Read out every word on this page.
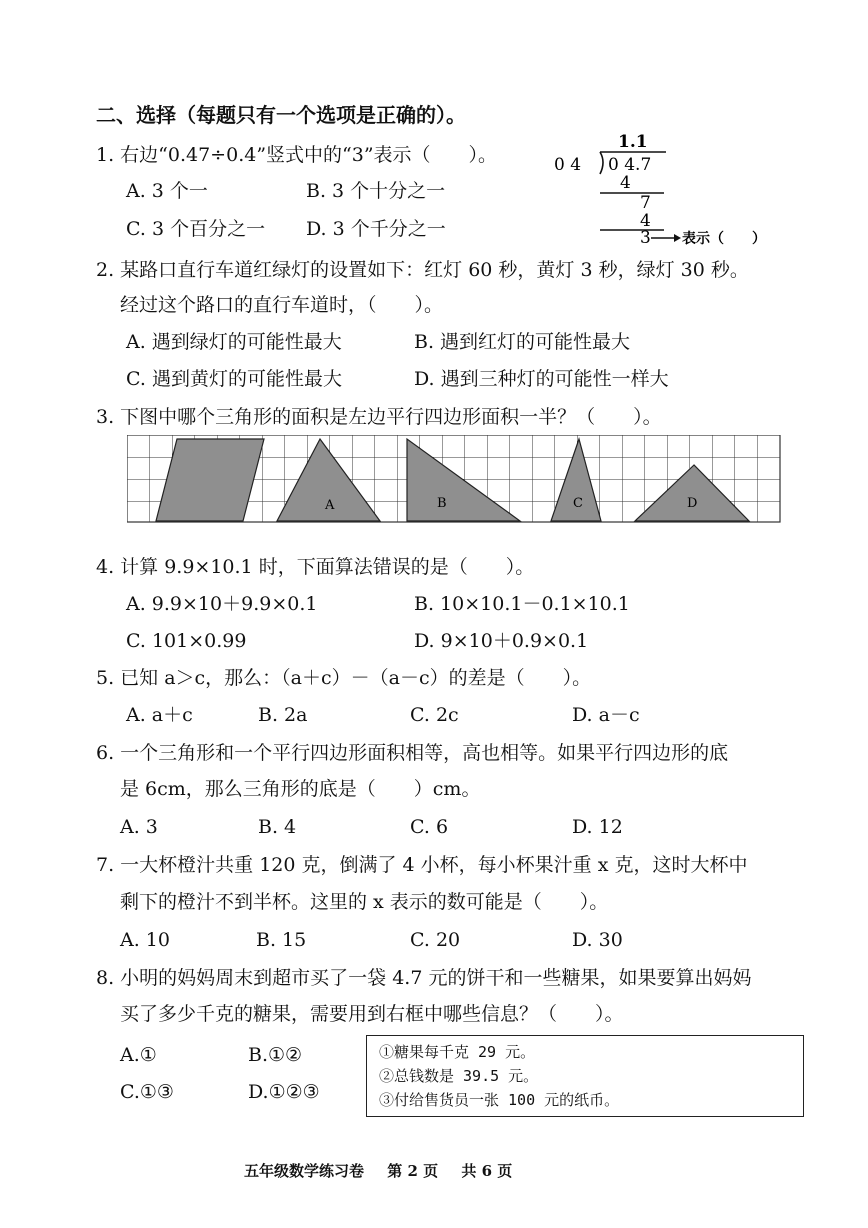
二、选择（每题只有一个选项是正确的）。
1. 右边“0.47÷0.4”竖式中的“3”表示（　　）。
A. 3 个一	B. 3 个十分之一
C. 3 个百分之一 D. 3 个千分之一
1.1
0 4 0 4.7
4
7
4
3 表示（　　）
2. 某路口直行车道红绿灯的设置如下：红灯 60 秒，黄灯 3 秒，绿灯 30 秒。
经过这个路口的直行车道时，（　　）。
A. 遇到绿灯的可能性最大	B. 遇到红灯的可能性最大
C. 遇到黄灯的可能性最大	D. 遇到三种灯的可能性一样大
3. 下图中哪个三角形的面积是左边平行四边形面积一半？（　　）。
A	B	C	D
4. 计算 9.9×10.1 时，下面算法错误的是（　　）。
A. 9.9×10＋9.9×0.1	B. 10×10.1－0.1×10.1
C. 101×0.99	D. 9×10＋0.9×0.1
5. 已知 a＞c，那么：（a＋c）－（a－c）的差是（　　）。
A. a＋c	B. 2a	C. 2c	D. a－c
6. 一个三角形和一个平行四边形面积相等，高也相等。如果平行四边形的底
是 6cm，那么三角形的底是（　　）cm。
A. 3	B. 4	C. 6	D. 12
7. 一大杯橙汁共重 120 克，倒满了 4 小杯，每小杯果汁重 x 克，这时大杯中
剩下的橙汁不到半杯。这里的 x 表示的数可能是（　　）。
A. 10	B. 15	C. 20	D. 30
8. 小明的妈妈周末到超市买了一袋 4.7 元的饼干和一些糖果，如果要算出妈妈
买了多少千克的糖果，需要用到右框中哪些信息？（　　）。
A.①	B.①②
C.①③	D.①②③
①糖果每千克 29 元。
②总钱数是 39.5 元。
③付给售货员一张 100 元的纸币。
五年级数学练习卷 第 2 页 共 6 页
